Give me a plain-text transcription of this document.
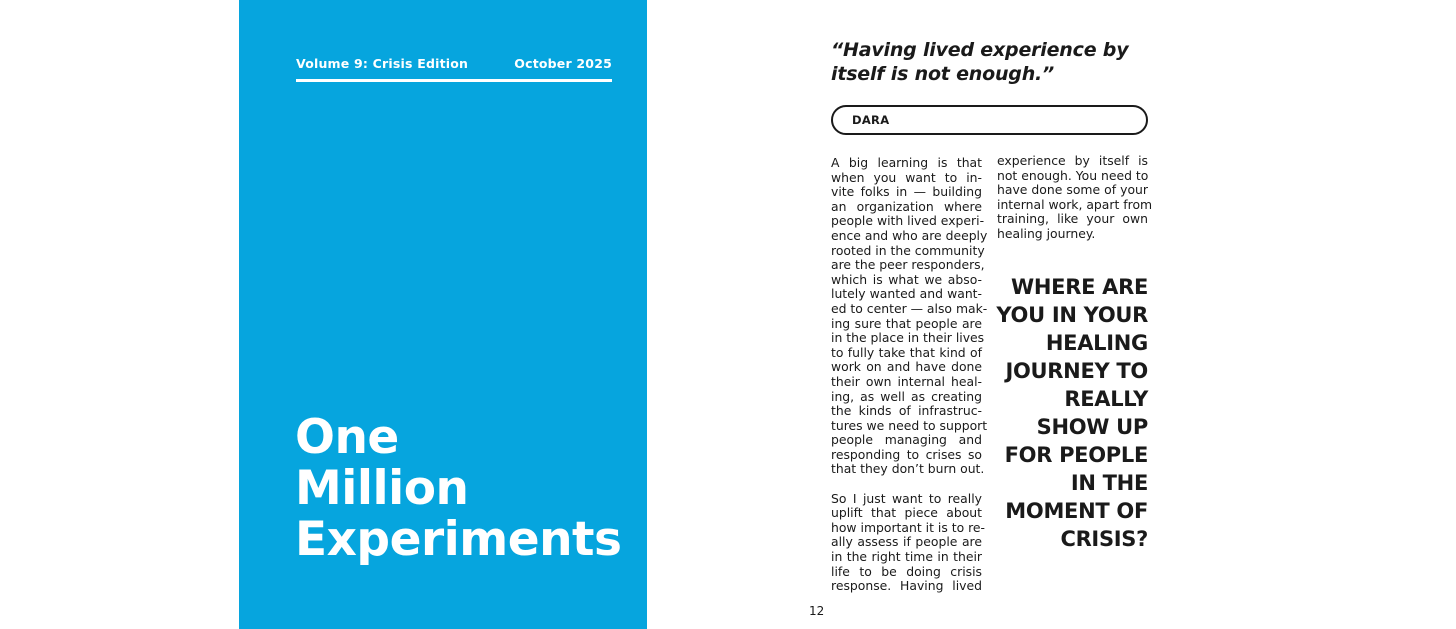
Volume 9: Crisis Edition	October 2025
One
Million
Experiments
“Having lived experience by itself is not enough.”
DARA

A big learning is that
when you want to in-
vite folks in — building
an organization where
people with lived experi-
ence and who are deeply
rooted in the community
are the peer responders,
which is what we abso-
lutely wanted and want-
ed to center — also mak-
ing sure that people are
in the place in their lives
to fully take that kind of
work on and have done
their own internal heal-
ing, as well as creating
the kinds of infrastruc-
tures we need to support
people managing and
responding to crises so
that they don’t burn out.

So I just want to really
uplift that piece about
how important it is to re-
ally assess if people are
in the right time in their
life to be doing crisis
response. Having lived

experience by itself is
not enough. You need to
have done some of your
internal work, apart from
training, like your own
healing journey.

WHERE ARE
YOU IN YOUR
HEALING
JOURNEY TO
REALLY
SHOW UP
FOR PEOPLE
IN THE
MOMENT OF
CRISIS?
12
